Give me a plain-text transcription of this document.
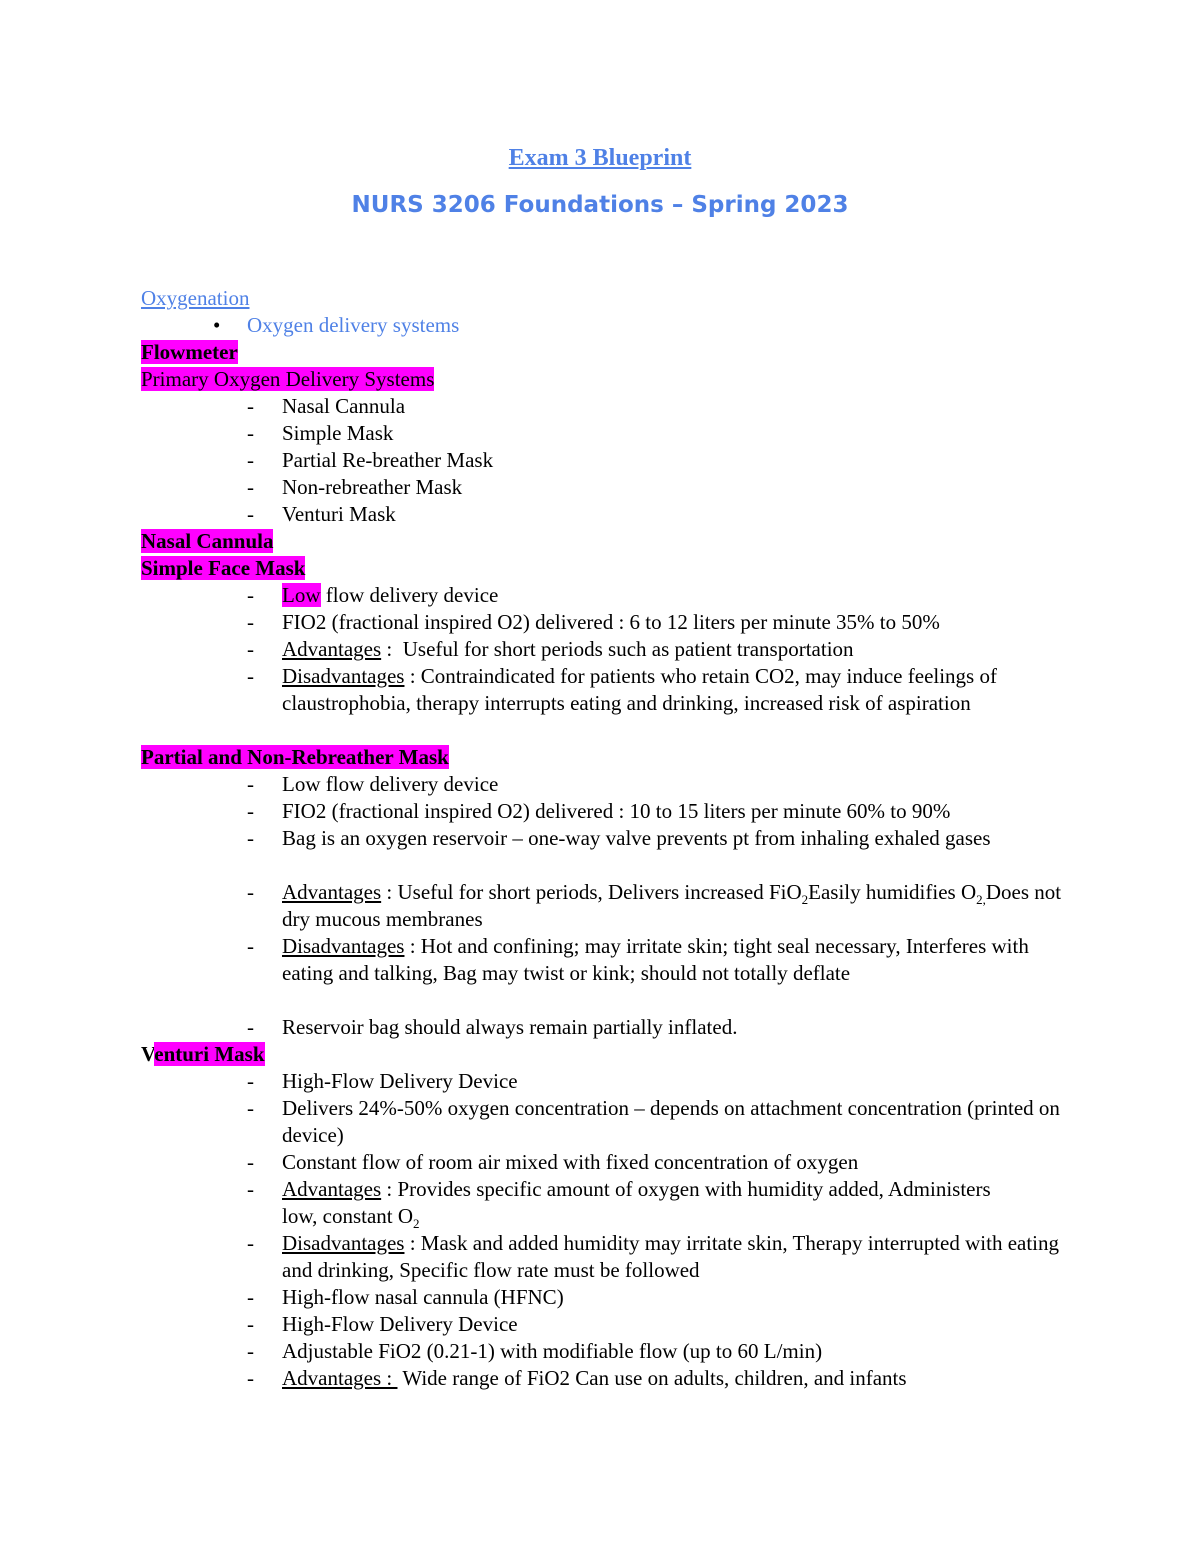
Exam 3 Blueprint
NURS 3206 Foundations – Spring 2023
Oxygenation
• Oxygen delivery systems
Flowmeter
Primary Oxygen Delivery Systems
- Nasal Cannula
- Simple Mask
- Partial Re-breather Mask
- Non-rebreather Mask
- Venturi Mask
Nasal Cannula
Simple Face Mask
- Low flow delivery device
- FIO2 (fractional inspired O2) delivered : 6 to 12 liters per minute 35% to 50%
- Advantages :  Useful for short periods such as patient transportation
- Disadvantages : Contraindicated for patients who retain CO2, may induce feelings of claustrophobia, therapy interrupts eating and drinking, increased risk of aspiration
Partial and Non-Rebreather Mask
- Low flow delivery device
- FIO2 (fractional inspired O2) delivered : 10 to 15 liters per minute 60% to 90%
- Bag is an oxygen reservoir – one-way valve prevents pt from inhaling exhaled gases
- Advantages : Useful for short periods, Delivers increased FiO$_2$Easily humidifies $O_{2,}Does$ not dry mucous membranes
- Disadvantages : Hot and confining; may irritate skin; tight seal necessary, Interferes with eating and talking, Bag may twist or kink; should not totally deflate
- Reservoir bag should always remain partially inflated.
Venturi Mask
- High-Flow Delivery Device
- Delivers 24%-50% oxygen concentration – depends on attachment concentration (printed on device)
- Constant flow of room air mixed with fixed concentration of oxygen
- Advantages : Provides specific amount of oxygen with humidity added, Administers low, constant $O_2$
- Disadvantages : Mask and added humidity may irritate skin, Therapy interrupted with eating and drinking, Specific flow rate must be followed
- High-flow nasal cannula (HFNC)
- High-Flow Delivery Device
- Adjustable FiO2 (0.21-1) with modifiable flow (up to 60 L/min)
- Advantages :  Wide range of FiO2 Can use on adults, children, and infants
